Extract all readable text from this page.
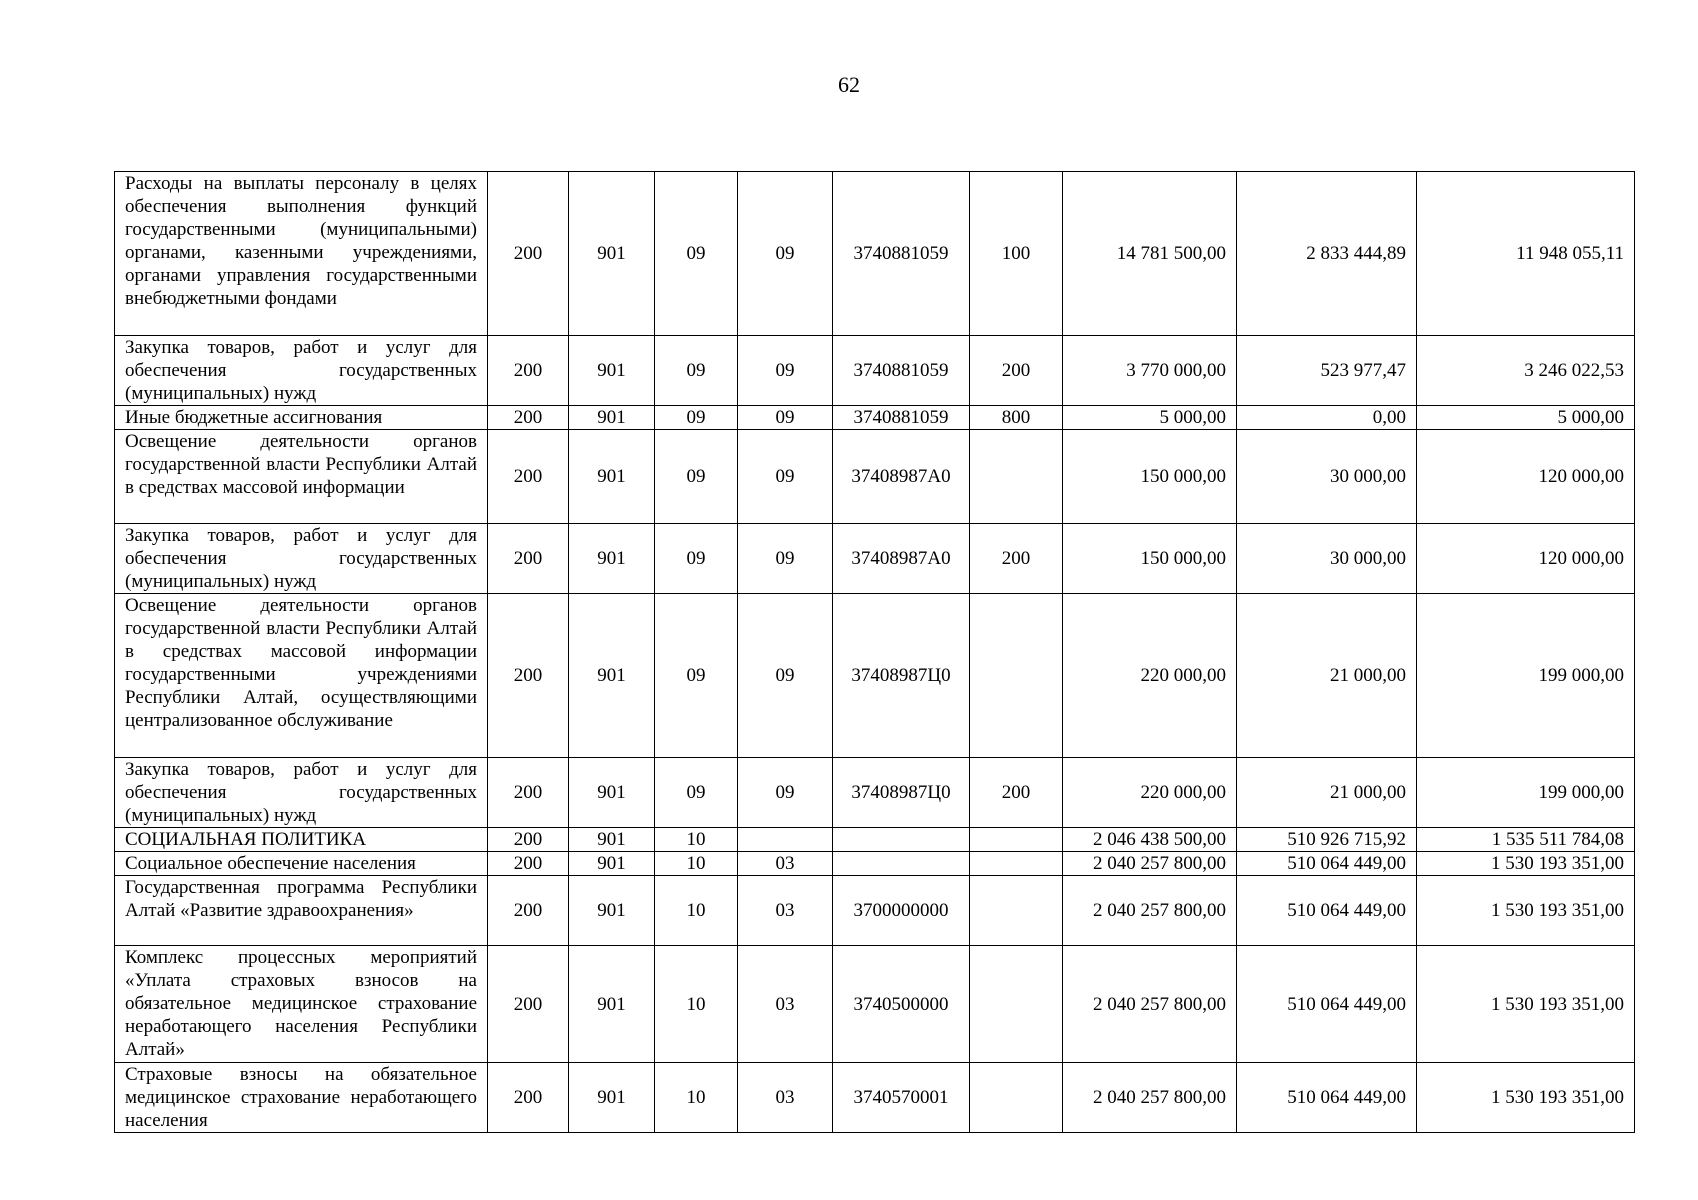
62
Расходы на выплаты персоналу в целях обеспечения выполнения функций государственными (муниципальными) органами, казенными учреждениями, органами управления государственными внебюджетными фондами	200	901	09	09	3740881059	100	14 781 500,00	2 833 444,89	11 948 055,11
Закупка товаров, работ и услуг для обеспечения государственных (муниципальных) нужд	200	901	09	09	3740881059	200	3 770 000,00	523 977,47	3 246 022,53
Иные бюджетные ассигнования	200	901	09	09	3740881059	800	5 000,00	0,00	5 000,00
Освещение деятельности органов государственной власти Республики Алтай в средствах массовой информации	200	901	09	09	37408987А0		150 000,00	30 000,00	120 000,00
Закупка товаров, работ и услуг для обеспечения государственных (муниципальных) нужд	200	901	09	09	37408987А0	200	150 000,00	30 000,00	120 000,00
Освещение деятельности органов государственной власти Республики Алтай в средствах массовой информации государственными учреждениями Республики Алтай, осуществляющими централизованное обслуживание	200	901	09	09	37408987Ц0		220 000,00	21 000,00	199 000,00
Закупка товаров, работ и услуг для обеспечения государственных (муниципальных) нужд	200	901	09	09	37408987Ц0	200	220 000,00	21 000,00	199 000,00
СОЦИАЛЬНАЯ ПОЛИТИКА	200	901	10				2 046 438 500,00	510 926 715,92	1 535 511 784,08
Социальное обеспечение населения	200	901	10	03			2 040 257 800,00	510 064 449,00	1 530 193 351,00
Государственная программа Республики Алтай «Развитие здравоохранения»	200	901	10	03	3700000000		2 040 257 800,00	510 064 449,00	1 530 193 351,00
Комплекс процессных мероприятий «Уплата страховых взносов на обязательное медицинское страхование неработающего населения Республики Алтай»	200	901	10	03	3740500000		2 040 257 800,00	510 064 449,00	1 530 193 351,00
Страховые взносы на обязательное медицинское страхование неработающего населения	200	901	10	03	3740570001		2 040 257 800,00	510 064 449,00	1 530 193 351,00
